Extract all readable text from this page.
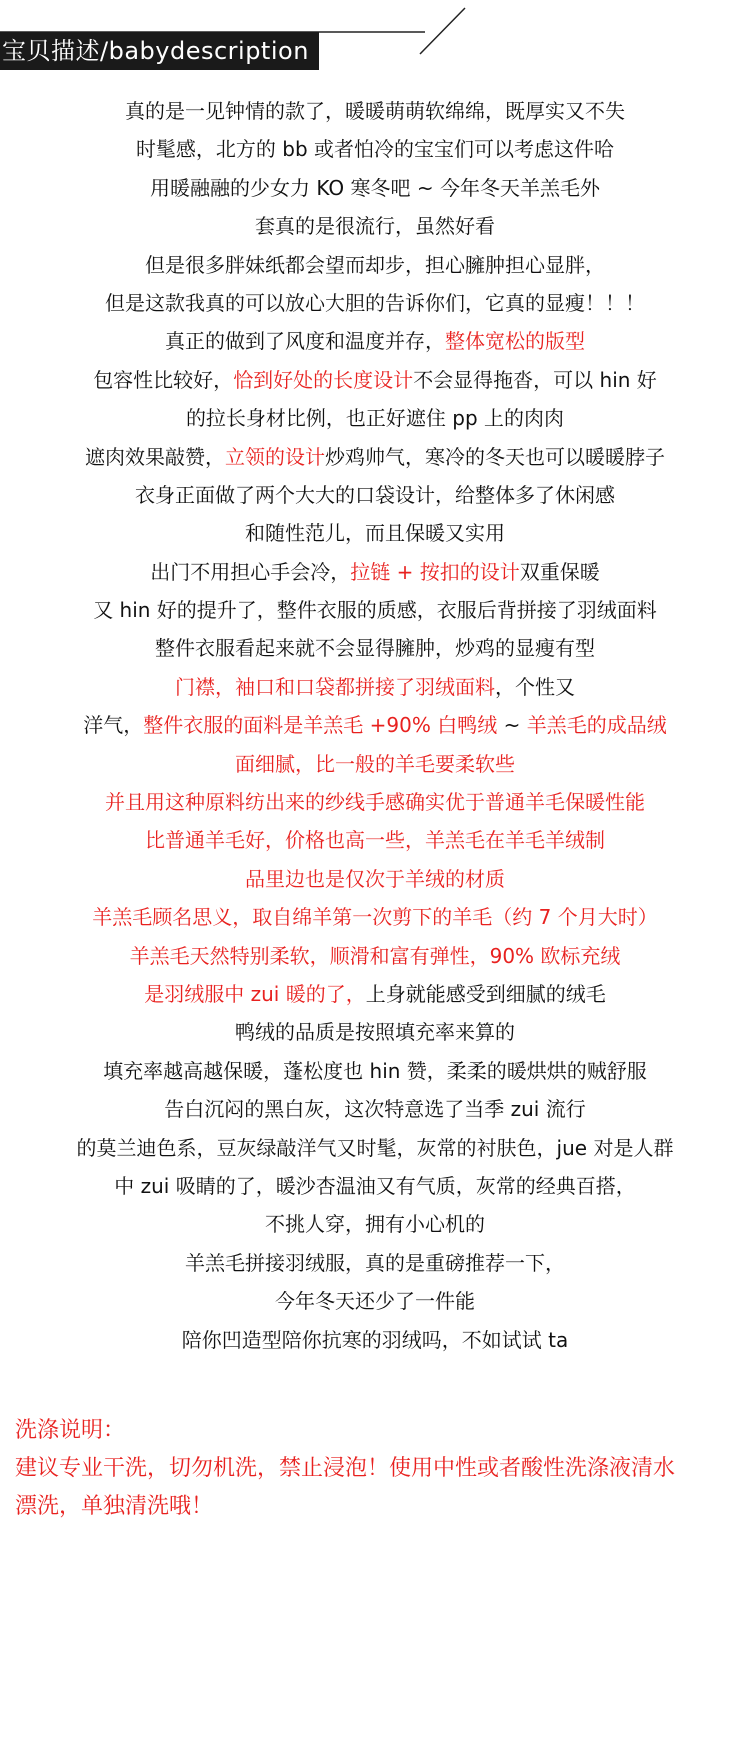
宝贝描述/babydescription
真的是一见钟情的款了，暖暖萌萌软绵绵，既厚实又不失
时髦感，北方的 bb 或者怕冷的宝宝们可以考虑这件哈
用暖融融的少女力 KO 寒冬吧 ~ 今年冬天羊羔毛外
套真的是很流行，虽然好看
但是很多胖妹纸都会望而却步，担心臃肿担心显胖，
但是这款我真的可以放心大胆的告诉你们，它真的显瘦！！！
真正的做到了风度和温度并存，整体宽松的版型
包容性比较好，恰到好处的长度设计不会显得拖沓，可以 hin 好
的拉长身材比例，也正好遮住 pp 上的肉肉
遮肉效果敲赞，立领的设计炒鸡帅气，寒冷的冬天也可以暖暖脖子
衣身正面做了两个大大的口袋设计，给整体多了休闲感
和随性范儿，而且保暖又实用
出门不用担心手会冷，拉链 + 按扣的设计双重保暖
又 hin 好的提升了，整件衣服的质感，衣服后背拼接了羽绒面料
整件衣服看起来就不会显得臃肿，炒鸡的显瘦有型
门襟，袖口和口袋都拼接了羽绒面料，个性又
洋气，整件衣服的面料是羊羔毛 +90% 白鸭绒 ~ 羊羔毛的成品绒
面细腻，比一般的羊毛要柔软些
并且用这种原料纺出来的纱线手感确实优于普通羊毛保暖性能
比普通羊毛好，价格也高一些，羊羔毛在羊毛羊绒制
品里边也是仅次于羊绒的材质
羊羔毛顾名思义，取自绵羊第一次剪下的羊毛（约 7 个月大时）
羊羔毛天然特别柔软，顺滑和富有弹性，90% 欧标充绒
是羽绒服中 zui 暖的了，上身就能感受到细腻的绒毛
鸭绒的品质是按照填充率来算的
填充率越高越保暖，蓬松度也 hin 赞，柔柔的暖烘烘的贼舒服
告白沉闷的黑白灰，这次特意选了当季 zui 流行
的莫兰迪色系，豆灰绿敲洋气又时髦，灰常的衬肤色，jue 对是人群
中 zui 吸睛的了，暖沙杏温油又有气质，灰常的经典百搭，
不挑人穿，拥有小心机的
羊羔毛拼接羽绒服，真的是重磅推荐一下，
今年冬天还少了一件能
陪你凹造型陪你抗寒的羽绒吗，不如试试 ta
洗涤说明：
建议专业干洗，切勿机洗，禁止浸泡！使用中性或者酸性洗涤液清水
漂洗，单独清洗哦！
